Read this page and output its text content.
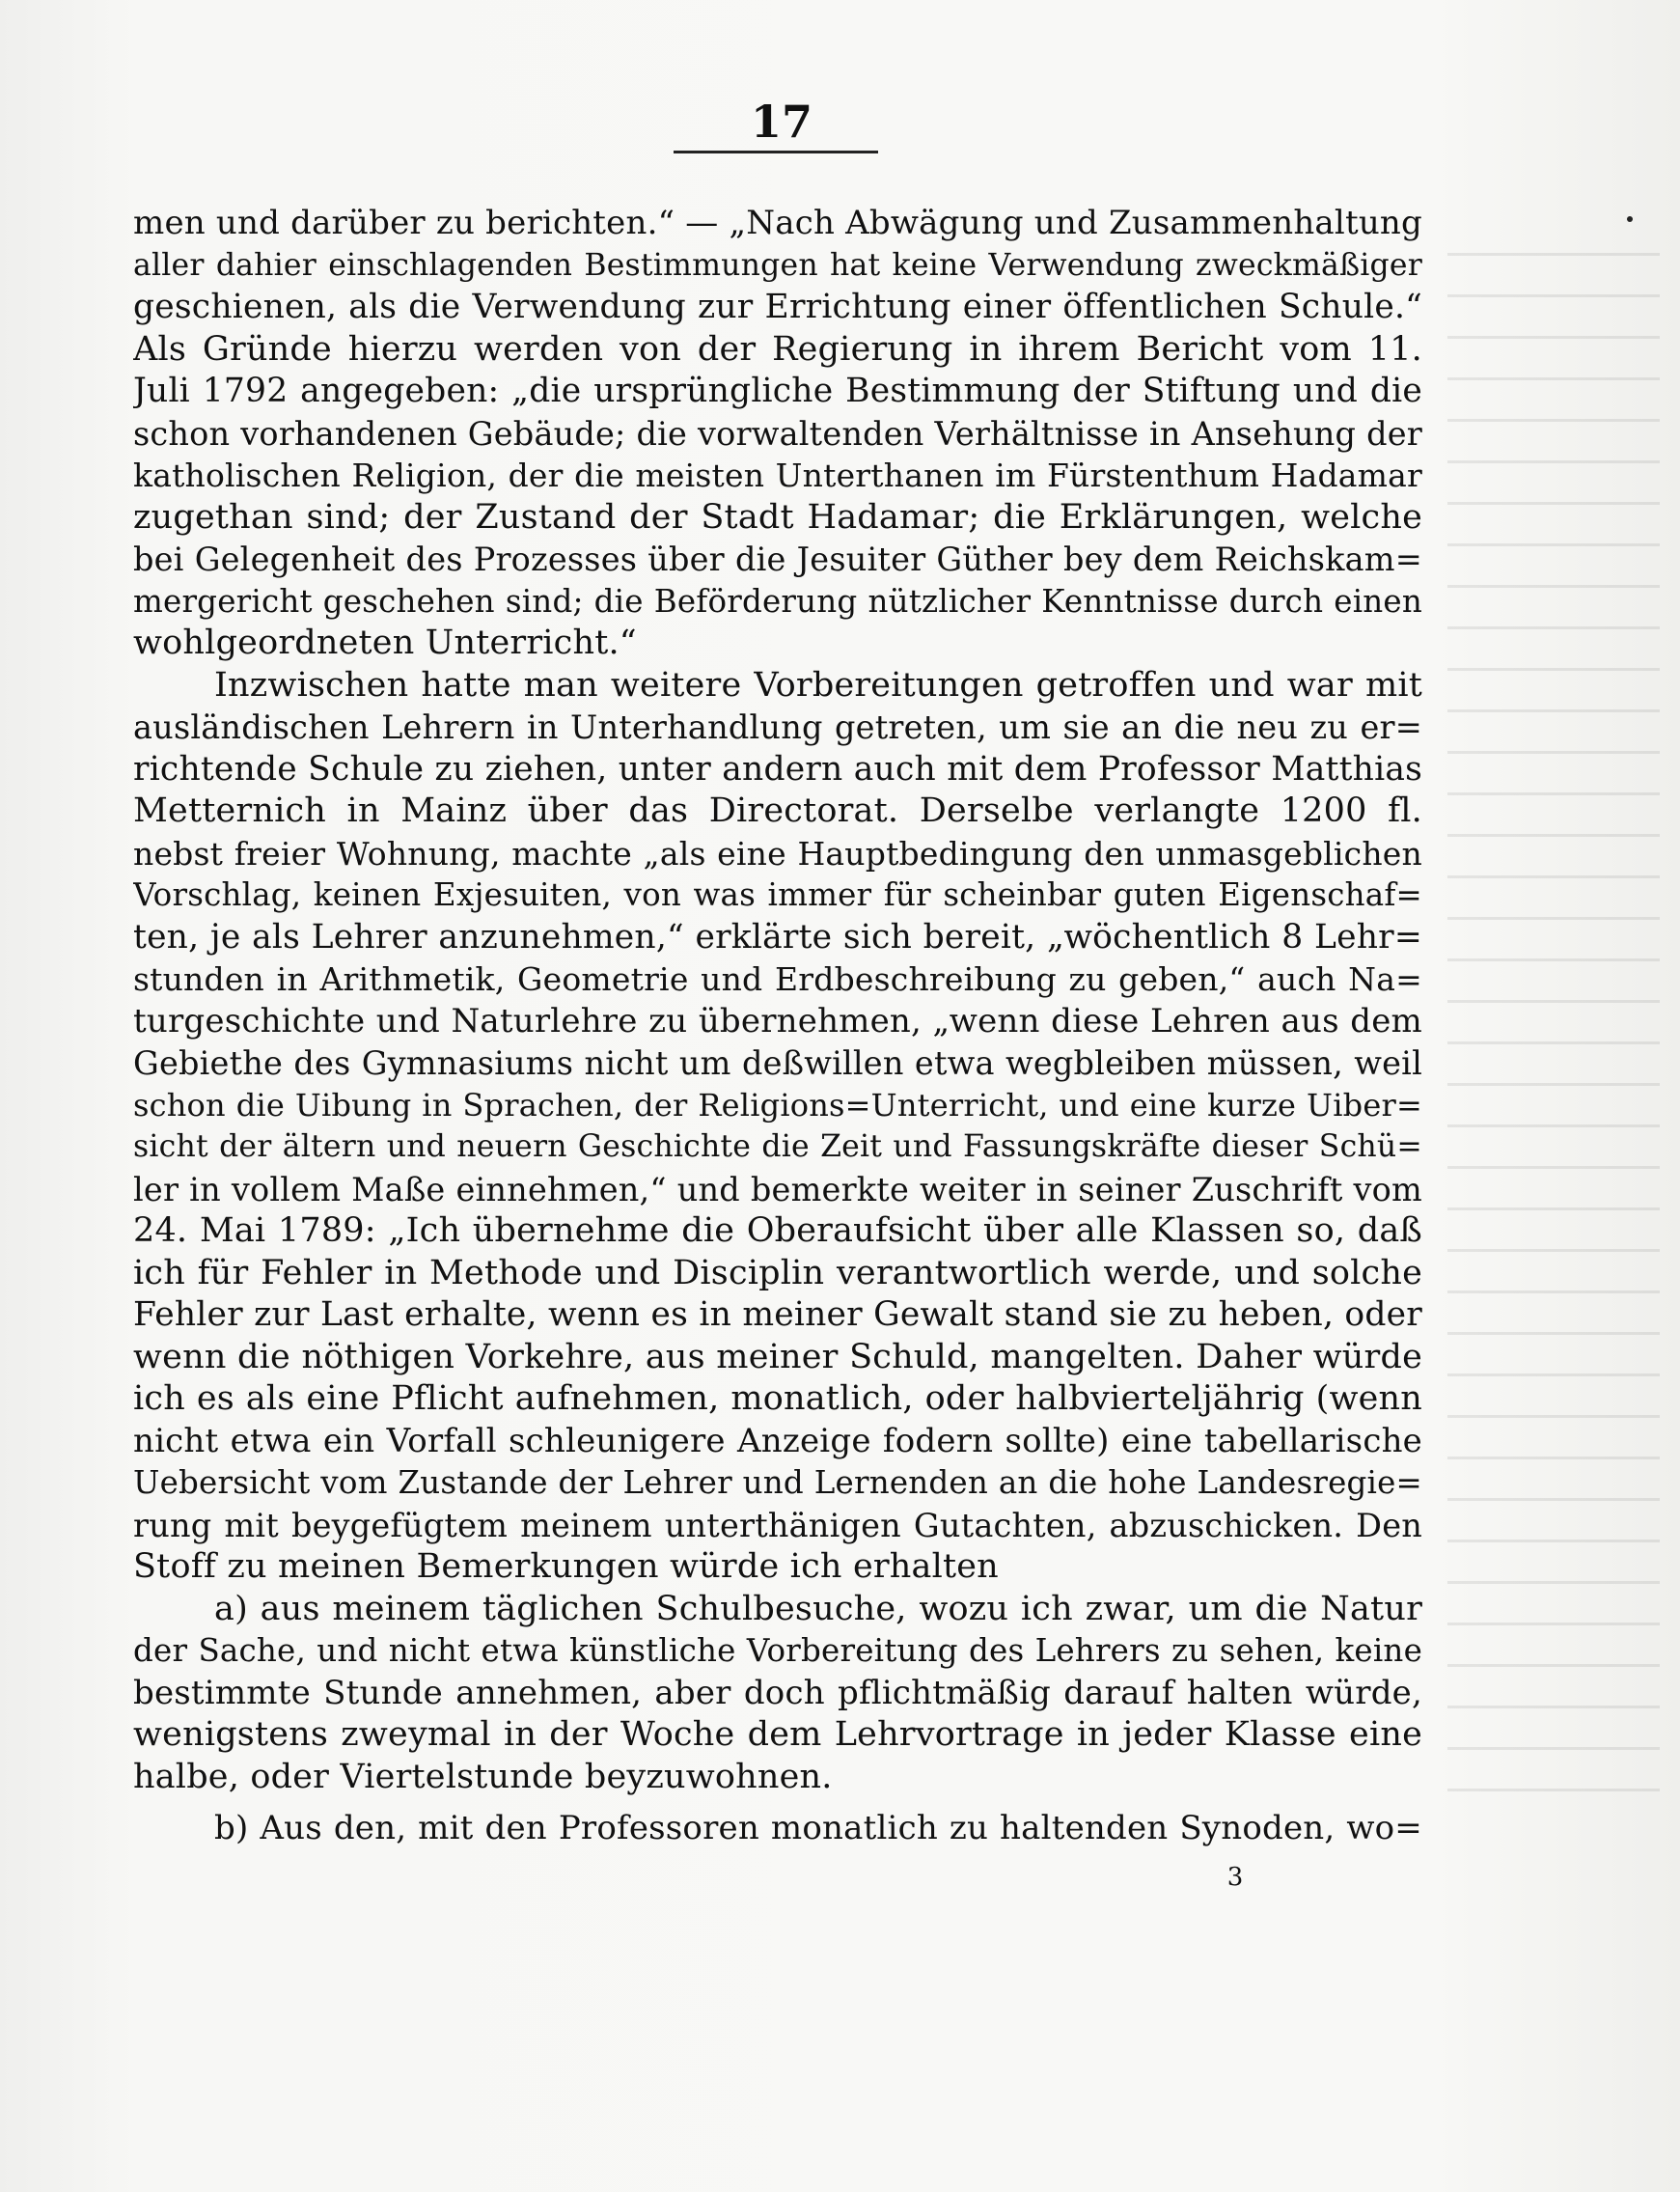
17
men und darüber zu berichten.“ — „Nach Abwägung und Zusammenhaltung
aller dahier einschlagenden Bestimmungen hat keine Verwendung zweckmäßiger
geschienen, als die Verwendung zur Errichtung einer öffentlichen Schule.“
Als Gründe hierzu werden von der Regierung in ihrem Bericht vom 11.
Juli 1792 angegeben: „die ursprüngliche Bestimmung der Stiftung und die
schon vorhandenen Gebäude; die vorwaltenden Verhältnisse in Ansehung der
katholischen Religion, der die meisten Unterthanen im Fürstenthum Hadamar
zugethan sind; der Zustand der Stadt Hadamar; die Erklärungen, welche
bei Gelegenheit des Prozesses über die Jesuiter Güther bey dem Reichskam=
mergericht geschehen sind; die Beförderung nützlicher Kenntnisse durch einen
wohlgeordneten Unterricht.“
Inzwischen hatte man weitere Vorbereitungen getroffen und war mit
ausländischen Lehrern in Unterhandlung getreten, um sie an die neu zu er=
richtende Schule zu ziehen, unter andern auch mit dem Professor Matthias
Metternich in Mainz über das Directorat. Derselbe verlangte 1200 fl.
nebst freier Wohnung, machte „als eine Hauptbedingung den unmasgeblichen
Vorschlag, keinen Exjesuiten, von was immer für scheinbar guten Eigenschaf=
ten, je als Lehrer anzunehmen,“ erklärte sich bereit, „wöchentlich 8 Lehr=
stunden in Arithmetik, Geometrie und Erdbeschreibung zu geben,“ auch Na=
turgeschichte und Naturlehre zu übernehmen, „wenn diese Lehren aus dem
Gebiethe des Gymnasiums nicht um deßwillen etwa wegbleiben müssen, weil
schon die Uibung in Sprachen, der Religions=Unterricht, und eine kurze Uiber=
sicht der ältern und neuern Geschichte die Zeit und Fassungskräfte dieser Schü=
ler in vollem Maße einnehmen,“ und bemerkte weiter in seiner Zuschrift vom
24. Mai 1789: „Ich übernehme die Oberaufsicht über alle Klassen so, daß
ich für Fehler in Methode und Disciplin verantwortlich werde, und solche
Fehler zur Last erhalte, wenn es in meiner Gewalt stand sie zu heben, oder
wenn die nöthigen Vorkehre, aus meiner Schuld, mangelten. Daher würde
ich es als eine Pflicht aufnehmen, monatlich, oder halbvierteljährig (wenn
nicht etwa ein Vorfall schleunigere Anzeige fodern sollte) eine tabellarische
Uebersicht vom Zustande der Lehrer und Lernenden an die hohe Landesregie=
rung mit beygefügtem meinem unterthänigen Gutachten, abzuschicken. Den
Stoff zu meinen Bemerkungen würde ich erhalten
a) aus meinem täglichen Schulbesuche, wozu ich zwar, um die Natur
der Sache, und nicht etwa künstliche Vorbereitung des Lehrers zu sehen, keine
bestimmte Stunde annehmen, aber doch pflichtmäßig darauf halten würde,
wenigstens zweymal in der Woche dem Lehrvortrage in jeder Klasse eine
halbe, oder Viertelstunde beyzuwohnen.
b) Aus den, mit den Professoren monatlich zu haltenden Synoden, wo=
3
